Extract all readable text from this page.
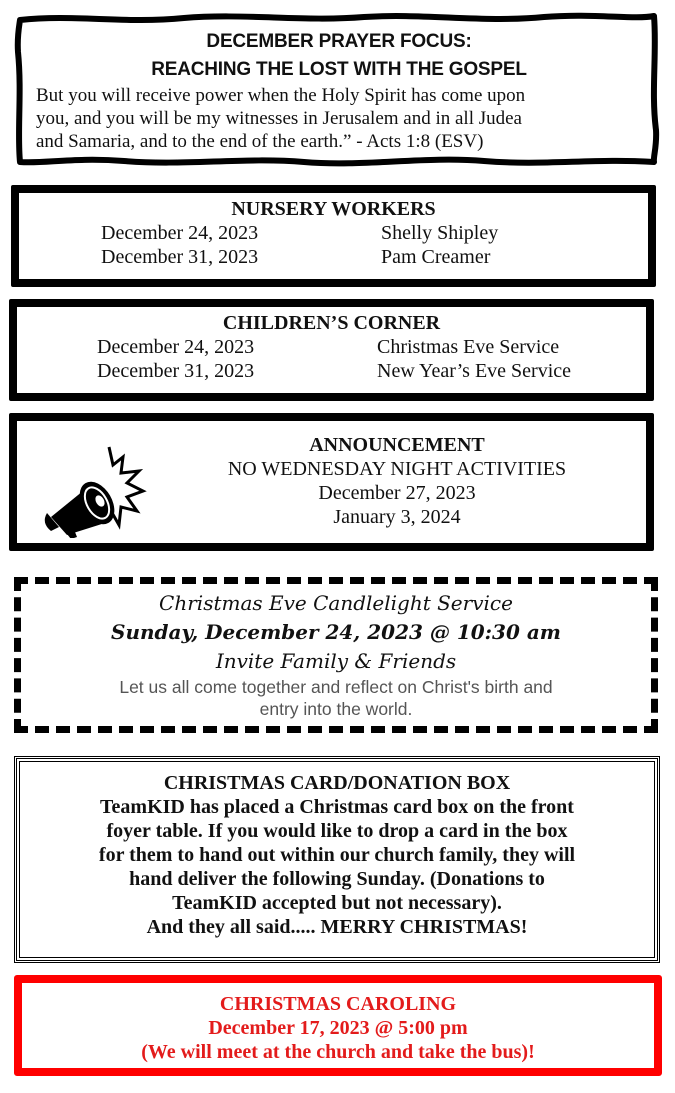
DECEMBER PRAYER FOCUS:
REACHING THE LOST WITH THE GOSPEL
But you will receive power when the Holy Spirit has come upon
you, and you will be my witnesses in Jerusalem and in all Judea
and Samaria, and to the end of the earth.” - Acts 1:8 (ESV)
NURSERY WORKERS
December 24, 2023	Shelly Shipley
December 31, 2023	Pam Creamer
CHILDREN’S CORNER
December 24, 2023	Christmas Eve Service
December 31, 2023	New Year’s Eve Service
ANNOUNCEMENT
NO WEDNESDAY NIGHT ACTIVITIES
December 27, 2023
January 3, 2024
Christmas Eve Candlelight Service
Sunday, December 24, 2023 @ 10:30 am
Invite Family & Friends
Let us all come together and reflect on Christ's birth and
entry into the world.
CHRISTMAS CARD/DONATION BOX
TeamKID has placed a Christmas card box on the front
foyer table. If you would like to drop a card in the box
for them to hand out within our church family, they will
hand deliver the following Sunday. (Donations to
TeamKID accepted but not necessary).
And they all said..... MERRY CHRISTMAS!
CHRISTMAS CAROLING
December 17, 2023 @ 5:00 pm
(We will meet at the church and take the bus)!
